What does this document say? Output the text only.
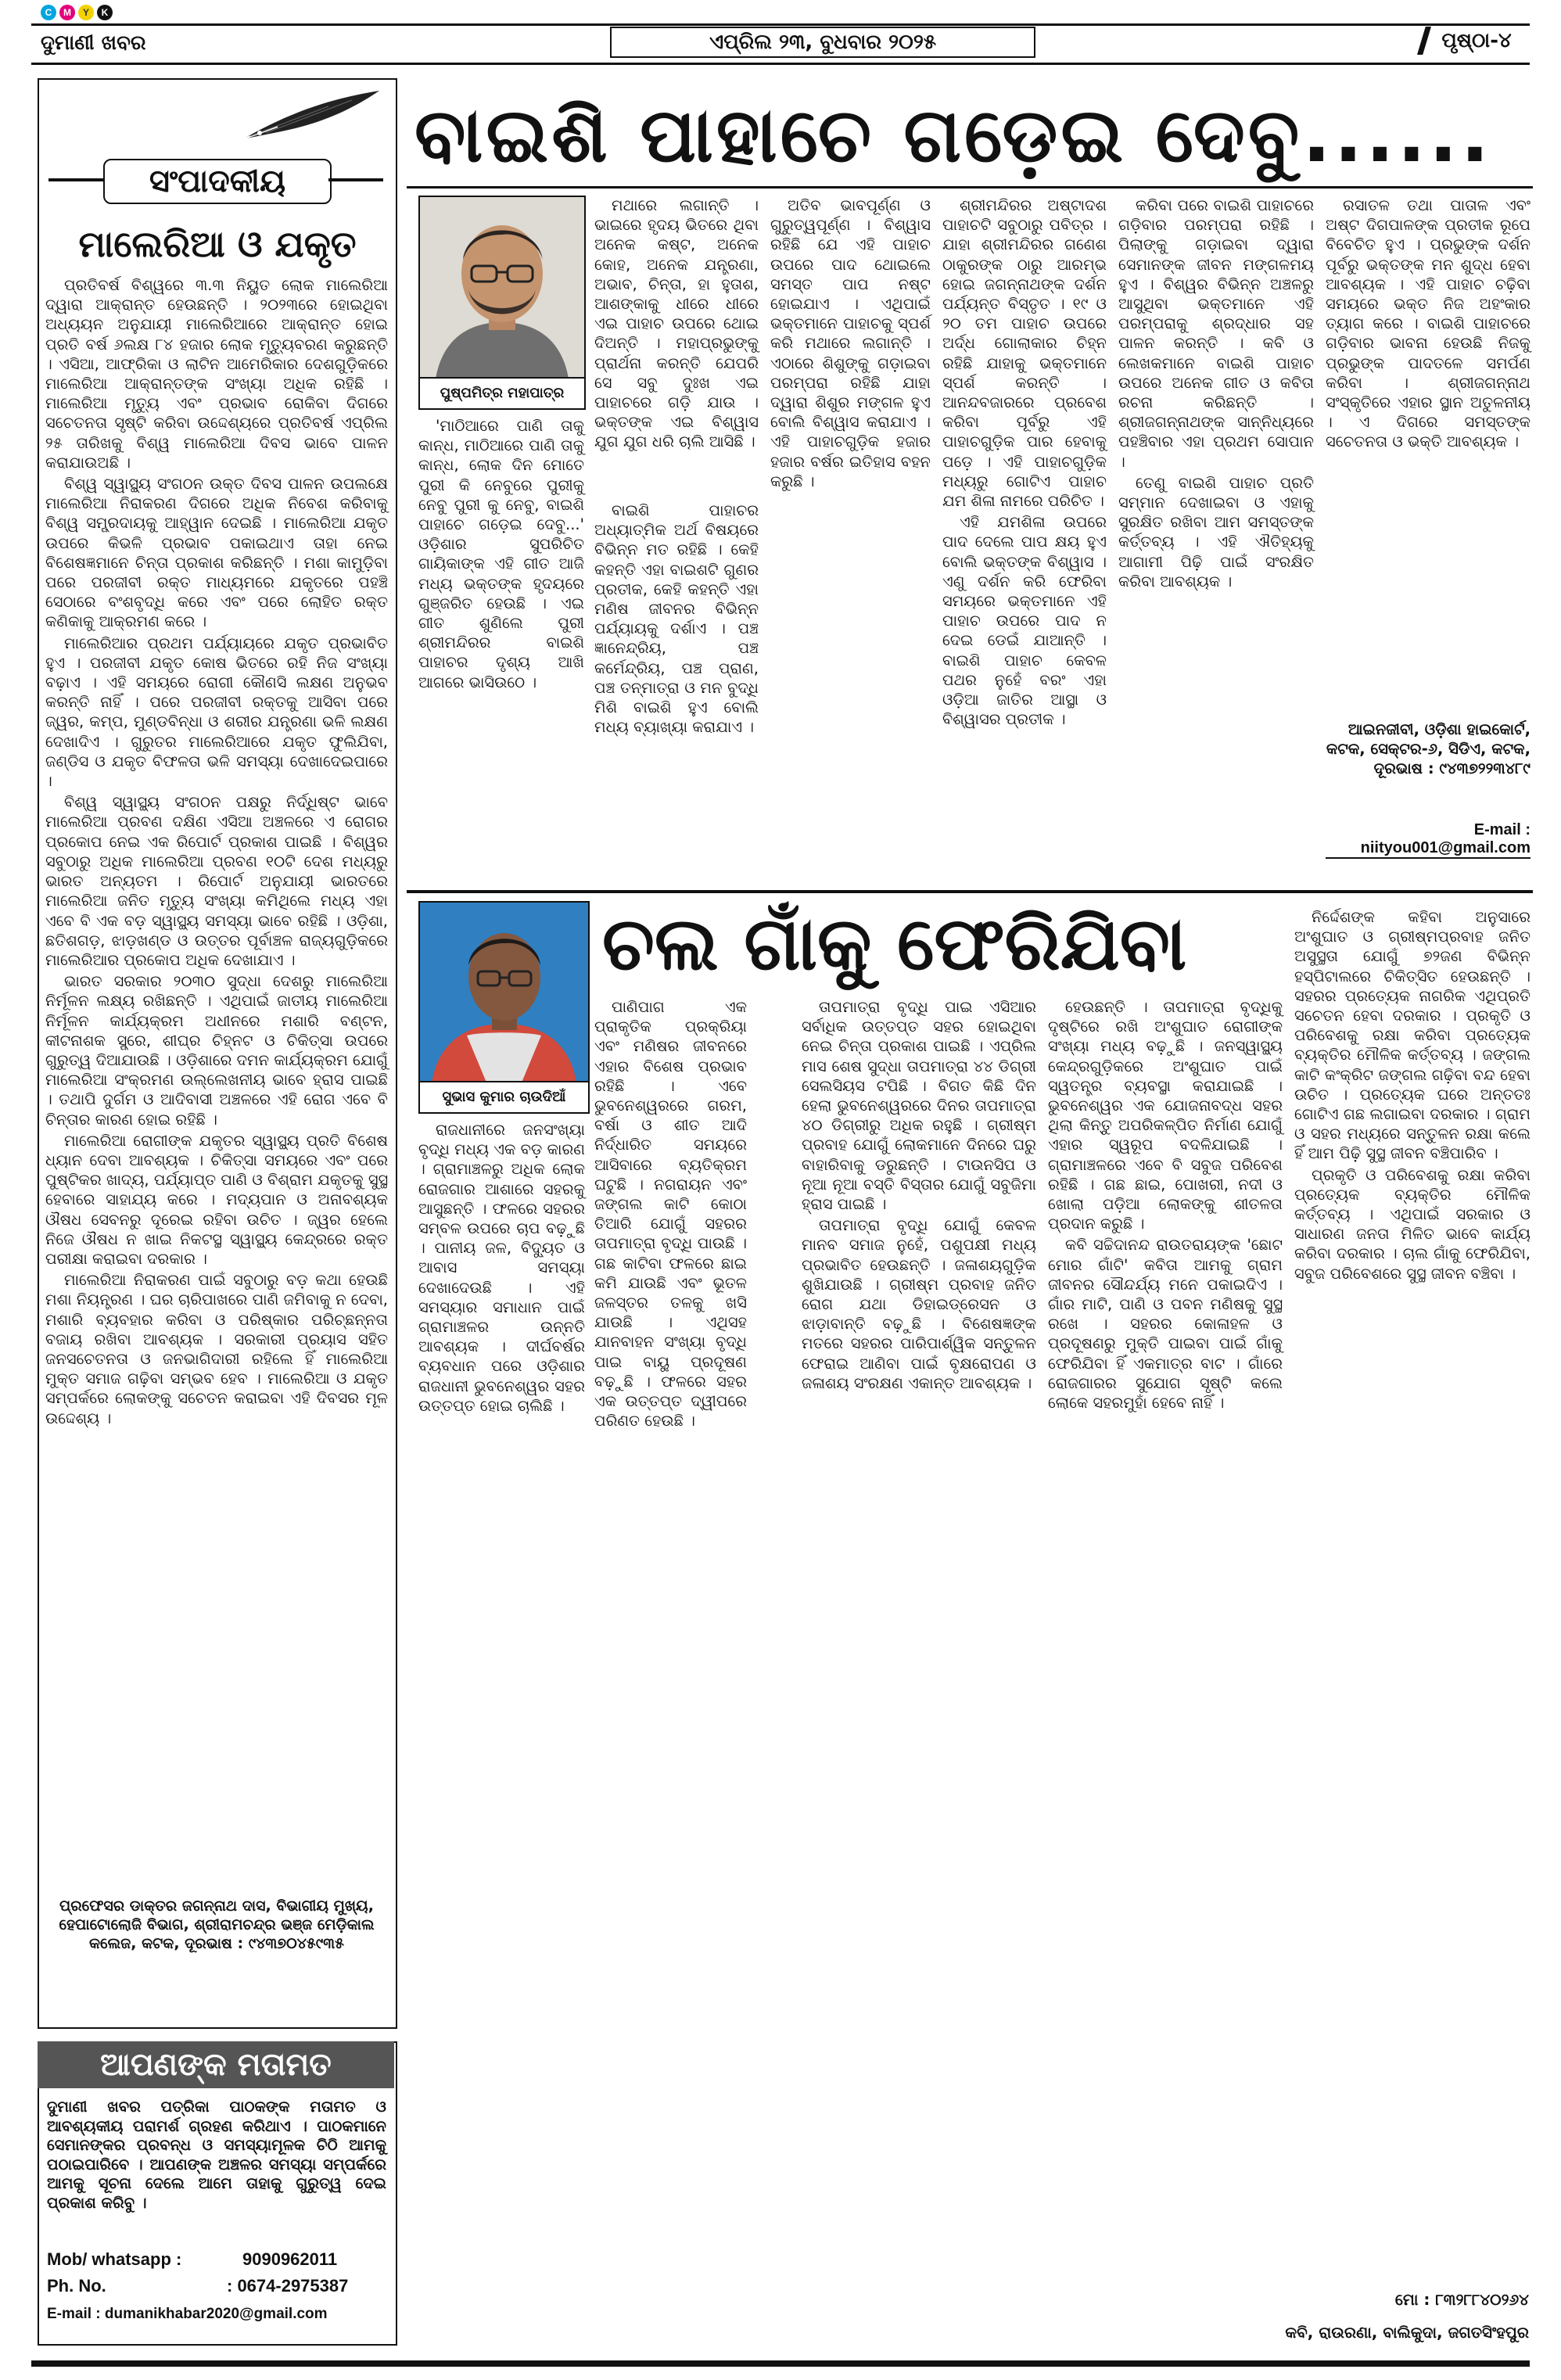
C	M	Y	K
ଦୁମାଣୀ ଖବର	ଏପ୍ରିଲ ୨୩, ବୁଧବାର ୨୦୨୫	ପୃଷ୍ଠା-୪
ସଂପାଦକୀୟ
ମାଲେରିଆ ଓ ଯକୃତ

ପ୍ରତିବର୍ଷ ବିଶ୍ୱରେ ୩.୩ ନିୟୁତ ଲୋକ ମାଲେରିଆ ଦ୍ୱାରା ଆକ୍ରାନ୍ତ ହେଉଛନ୍ତି । ୨୦୨୩ରେ ହୋଇଥିବା ଅଧ୍ୟୟନ ଅନୁଯାୟୀ ମାଲେରିଆରେ ଆକ୍ରାନ୍ତ ହୋଇ ପ୍ରତି ବର୍ଷ ୬ଲକ୍ଷ ୮୪ ହଜାର ଲୋକ ମୃତ୍ୟୁବରଣ କରୁଛନ୍ତି । ଏସିଆ, ଆଫ୍ରିକା ଓ ଲାଟିନ ଆମେରିକାର ଦେଶଗୁଡ଼ିକରେ ମାଲେରିଆ ଆକ୍ରାନ୍ତଙ୍କ ସଂଖ୍ୟା ଅଧିକ ରହିଛି । ମାଲେରିଆ ମୃତ୍ୟୁ ଏବଂ ପ୍ରଭାବ ରୋକିବା ଦିଗରେ ସଚେତନତା ସୃଷ୍ଟି କରିବା ଉଦ୍ଦେଶ୍ୟରେ ପ୍ରତିବର୍ଷ ଏପ୍ରିଲ ୨୫ ତାରିଖକୁ ବିଶ୍ୱ ମାଲେରିଆ ଦିବସ ଭାବେ ପାଳନ କରାଯାଉଅଛି ।

ବିଶ୍ୱ ସ୍ୱାସ୍ଥ୍ୟ ସଂଗଠନ ଉକ୍ତ ଦିବସ ପାଳନ ଉପଲକ୍ଷେ ମାଲେରିଆ ନିରାକରଣ ଦିଗରେ ଅଧିକ ନିବେଶ କରିବାକୁ ବିଶ୍ୱ ସମ୍ପ୍ରଦାୟକୁ ଆହ୍ୱାନ ଦେଇଛି । ମାଲେରିଆ ଯକୃତ ଉପରେ କିଭଳି ପ୍ରଭାବ ପକାଇଥାଏ ତାହା ନେଇ ବିଶେଷଜ୍ଞମାନେ ଚିନ୍ତା ପ୍ରକାଶ କରିଛନ୍ତି । ମଶା କାମୁଡ଼ିବା ପରେ ପରଜୀବୀ ରକ୍ତ ମାଧ୍ୟମରେ ଯକୃତରେ ପହଞ୍ଚି ସେଠାରେ ବଂଶବୃଦ୍ଧି କରେ ଏବଂ ପରେ ଲୋହିତ ରକ୍ତ କଣିକାକୁ ଆକ୍ରମଣ କରେ ।

ମାଲେରିଆର ପ୍ରଥମ ପର୍ଯ୍ୟାୟରେ ଯକୃତ ପ୍ରଭାବିତ ହୁଏ । ପରଜୀବୀ ଯକୃତ କୋଷ ଭିତରେ ରହି ନିଜ ସଂଖ୍ୟା ବଢ଼ାଏ । ଏହି ସମୟରେ ରୋଗୀ କୌଣସି ଲକ୍ଷଣ ଅନୁଭବ କରନ୍ତି ନାହିଁ । ପରେ ପରଜୀବୀ ରକ୍ତକୁ ଆସିବା ପରେ ଜ୍ୱର, କମ୍ପ, ମୁଣ୍ଡବିନ୍ଧା ଓ ଶରୀର ଯନ୍ତ୍ରଣା ଭଳି ଲକ୍ଷଣ ଦେଖାଦିଏ । ଗୁରୁତର ମାଲେରିଆରେ ଯକୃତ ଫୁଲିଯିବା, ଜଣ୍ଡିସ ଓ ଯକୃତ ବିଫଳତା ଭଳି ସମସ୍ୟା ଦେଖାଦେଇପାରେ ।

ବିଶ୍ୱ ସ୍ୱାସ୍ଥ୍ୟ ସଂଗଠନ ପକ୍ଷରୁ ନିର୍ଦ୍ଧିଷ୍ଟ ଭାବେ ମାଲେରିଆ ପ୍ରବଣ ଦକ୍ଷିଣ ଏସିଆ ଅଞ୍ଚଳରେ ଏ ରୋଗର ପ୍ରକୋପ ନେଇ ଏକ ରିପୋର୍ଟ ପ୍ରକାଶ ପାଇଛି । ବିଶ୍ୱର ସବୁଠାରୁ ଅଧିକ ମାଲେରିଆ ପ୍ରବଣ ୧୦ଟି ଦେଶ ମଧ୍ୟରୁ ଭାରତ ଅନ୍ୟତମ । ରିପୋର୍ଟ ଅନୁଯାୟୀ ଭାରତରେ ମାଲେରିଆ ଜନିତ ମୃତ୍ୟୁ ସଂଖ୍ୟା କମିଥିଲେ ମଧ୍ୟ ଏହା ଏବେ ବି ଏକ ବଡ଼ ସ୍ୱାସ୍ଥ୍ୟ ସମସ୍ୟା ଭାବେ ରହିଛି । ଓଡ଼ିଶା, ଛତିଶଗଡ଼, ଝାଡ଼ଖଣ୍ଡ ଓ ଉତ୍ତର ପୂର୍ବାଞ୍ଚଳ ରାଜ୍ୟଗୁଡ଼ିକରେ ମାଲେରିଆର ପ୍ରକୋପ ଅଧିକ ଦେଖାଯାଏ ।

ଭାରତ ସରକାର ୨୦୩୦ ସୁଦ୍ଧା ଦେଶରୁ ମାଲେରିଆ ନିର୍ମୂଳନ ଲକ୍ଷ୍ୟ ରଖିଛନ୍ତି । ଏଥିପାଇଁ ଜାତୀୟ ମାଲେରିଆ ନିର୍ମୂଳନ କାର୍ଯ୍ୟକ୍ରମ ଅଧୀନରେ ମଶାରି ବଣ୍ଟନ, କୀଟନାଶକ ସ୍ପ୍ରେ, ଶୀଘ୍ର ଚିହ୍ନଟ ଓ ଚିକିତ୍ସା ଉପରେ ଗୁରୁତ୍ୱ ଦିଆଯାଉଛି । ଓଡ଼ିଶାରେ ଦମନ କାର୍ଯ୍ୟକ୍ରମ ଯୋଗୁଁ ମାଲେରିଆ ସଂକ୍ରମଣ ଉଲ୍ଲେଖନୀୟ ଭାବେ ହ୍ରାସ ପାଇଛି । ତଥାପି ଦୁର୍ଗମ ଓ ଆଦିବାସୀ ଅଞ୍ଚଳରେ ଏହି ରୋଗ ଏବେ ବି ଚିନ୍ତାର କାରଣ ହୋଇ ରହିଛି ।

ମାଲେରିଆ ରୋଗୀଙ୍କ ଯକୃତର ସ୍ୱାସ୍ଥ୍ୟ ପ୍ରତି ବିଶେଷ ଧ୍ୟାନ ଦେବା ଆବଶ୍ୟକ । ଚିକିତ୍ସା ସମୟରେ ଏବଂ ପରେ ପୁଷ୍ଟିକର ଖାଦ୍ୟ, ପର୍ଯ୍ୟାପ୍ତ ପାଣି ଓ ବିଶ୍ରାମ ଯକୃତକୁ ସୁସ୍ଥ ହେବାରେ ସାହାଯ୍ୟ କରେ । ମଦ୍ୟପାନ ଓ ଅନାବଶ୍ୟକ ଔଷଧ ସେବନରୁ ଦୂରେଇ ରହିବା ଉଚିତ । ଜ୍ୱର ହେଲେ ନିଜେ ଔଷଧ ନ ଖାଇ ନିକଟସ୍ଥ ସ୍ୱାସ୍ଥ୍ୟ କେନ୍ଦ୍ରରେ ରକ୍ତ ପରୀକ୍ଷା କରାଇବା ଦରକାର ।

ମାଲେରିଆ ନିରାକରଣ ପାଇଁ ସବୁଠାରୁ ବଡ଼ କଥା ହେଉଛି ମଶା ନିୟନ୍ତ୍ରଣ । ଘର ଚାରିପାଖରେ ପାଣି ଜମିବାକୁ ନ ଦେବା, ମଶାରି ବ୍ୟବହାର କରିବା ଓ ପରିଷ୍କାର ପରିଚ୍ଛନ୍ନତା ବଜାୟ ରଖିବା ଆବଶ୍ୟକ । ସରକାରୀ ପ୍ରୟାସ ସହିତ ଜନସଚେତନତା ଓ ଜନଭାଗିଦାରୀ ରହିଲେ ହିଁ ମାଲେରିଆ ମୁକ୍ତ ସମାଜ ଗଢ଼ିବା ସମ୍ଭବ ହେବ । ମାଲେରିଆ ଓ ଯକୃତ ସମ୍ପର୍କରେ ଲୋକଙ୍କୁ ସଚେତନ କରାଇବା ଏହି ଦିବସର ମୂଳ ଉଦ୍ଦେଶ୍ୟ ।

ପ୍ରଫେସର ଡାକ୍ତର ଜଗନ୍ନାଥ ଦାସ, ବିଭାଗୀୟ ମୁଖ୍ୟ, ହେପାଟୋଲୋଜି ବିଭାଗ, ଶ୍ରୀରାମଚନ୍ଦ୍ର ଭଞ୍ଜ ମେଡ଼ିକାଲ କଲେଜ, କଟକ, ଦୂରଭାଷ : ୯୪୩୭୦୪୫୯୩୫
ଆପଣଙ୍କ ମତାମତ
ଦୁମାଣୀ ଖବର ପତ୍ରିକା ପାଠକଙ୍କ ମତାମତ ଓ ଆବଶ୍ୟକୀୟ ପରାମର୍ଶ ଗ୍ରହଣ କରିଥାଏ । ପାଠକମାନେ ସେମାନଙ୍କର ପ୍ରବନ୍ଧ ଓ ସମସ୍ୟାମୂଳକ ଚିଠି ଆମକୁ ପଠାଇପାରିବେ । ଆପଣଙ୍କ ଅଞ୍ଚଳର ସମସ୍ୟା ସମ୍ପର୍କରେ ଆମକୁ ସୂଚନା ଦେଲେ ଆମେ ତାହାକୁ ଗୁରୁତ୍ୱ ଦେଇ ପ୍ରକାଶ କରିବୁ ।
Mob/ whatsapp :	9090962011
Ph. No.	: 0674-2975387
E-mail : dumanikhabar2020@gmail.com
ବାଇଶି ପାହାଚେ ଗଡ଼େଇ ଦେବୁ......
ପୁଷ୍ପମିତ୍ର ମହାପାତ୍ର

'ମାଠିଆରେ ପାଣି ତାକୁ କାନ୍ଧ, ମାଠିଆରେ ପାଣି ତାକୁ କାନ୍ଧ, ଲୋକ ଦିନ ମୋତେ ପୁରୀ କି ନେବୁରେ ପୁରୀକୁ ନେବୁ ପୁରୀ କୁ ନେବୁ, ବାଇଶି ପାହାଚେ ଗଡ଼େଇ ଦେବୁ...' ଓଡ଼ିଶାର ସୁପରିଚିତ ଗାୟିକାଙ୍କ ଏହି ଗୀତ ଆଜି ମଧ୍ୟ ଭକ୍ତଙ୍କ ହୃଦୟରେ ଗୁଞ୍ଜରିତ ହେଉଛି । ଏଇ ଗୀତ ଶୁଣିଲେ ପୁରୀ ଶ୍ରୀମନ୍ଦିରର ବାଇଶି ପାହାଚର ଦୃଶ୍ୟ ଆଖି ଆଗରେ ଭାସିଉଠେ ।

ମଥାରେ ଲଗାନ୍ତି । ଭାଇରେ ହୃଦୟ ଭିତରେ ଥିବା ଅନେକ କଷ୍ଟ, ଅନେକ କୋହ, ଅନେକ ଯନ୍ତ୍ରଣା, ଅଭାବ, ଚିନ୍ତା, ହା ହୁତାଶ, ଆଶଙ୍କାକୁ ଧୀରେ ଧୀରେ ଏଇ ପାହାଚ ଉପରେ ଥୋଇ ଦିଅନ୍ତି । ମହାପ୍ରଭୁଙ୍କୁ ପ୍ରାର୍ଥନା କରନ୍ତି ଯେପରି ସେ ସବୁ ଦୁଃଖ ଏଇ ପାହାଚରେ ଗଡ଼ି ଯାଉ । ଭକ୍ତଙ୍କ ଏଇ ବିଶ୍ୱାସ ଯୁଗ ଯୁଗ ଧରି ଚାଲି ଆସିଛି ।

ବାଇଶି ପାହାଚର ଅଧ୍ୟାତ୍ମିକ ଅର୍ଥ ବିଷୟରେ ବିଭିନ୍ନ ମତ ରହିଛି । କେହି କହନ୍ତି ଏହା ବାଇଶଟି ଗୁଣର ପ୍ରତୀକ, କେହି କହନ୍ତି ଏହା ମଣିଷ ଜୀବନର ବିଭିନ୍ନ ପର୍ଯ୍ୟାୟକୁ ଦର୍ଶାଏ । ପଞ୍ଚ ଜ୍ଞାନେନ୍ଦ୍ରିୟ, ପଞ୍ଚ କର୍ମେନ୍ଦ୍ରିୟ, ପଞ୍ଚ ପ୍ରାଣ, ପଞ୍ଚ ତନ୍ମାତ୍ରା ଓ ମନ ବୁଦ୍ଧି ମିଶି ବାଇଶି ହୁଏ ବୋଲି ମଧ୍ୟ ବ୍ୟାଖ୍ୟା କରାଯାଏ ।

ଅତିବ ଭାବପୂର୍ଣ୍ଣ ଓ ଗୁରୁତ୍ୱପୂର୍ଣ୍ଣ । ବିଶ୍ୱାସ ରହିଛି ଯେ ଏହି ପାହାଚ ଉପରେ ପାଦ ଥୋଇଲେ ସମସ୍ତ ପାପ ନଷ୍ଟ ହୋଇଯାଏ । ଏଥିପାଇଁ ଭକ୍ତମାନେ ପାହାଚକୁ ସ୍ପର୍ଶ କରି ମଥାରେ ଲଗାନ୍ତି । ଏଠାରେ ଶିଶୁଙ୍କୁ ଗଡ଼ାଇବା ପରମ୍ପରା ରହିଛି ଯାହା ଦ୍ୱାରା ଶିଶୁର ମଙ୍ଗଳ ହୁଏ ବୋଲି ବିଶ୍ୱାସ କରାଯାଏ । ଏହି ପାହାଚଗୁଡ଼ିକ ହଜାର ହଜାର ବର୍ଷର ଇତିହାସ ବହନ କରୁଛି ।

ଶ୍ରୀମନ୍ଦିରର ଅଷ୍ଟାଦଶ ପାହାଚଟି ସବୁଠାରୁ ପବିତ୍ର । ଯାହା ଶ୍ରୀମନ୍ଦିରର ଗଣେଶ ଠାକୁରଙ୍କ ଠାରୁ ଆରମ୍ଭ ହୋଇ ଜଗନ୍ନାଥଙ୍କ ଦର୍ଶନ ପର୍ଯ୍ୟନ୍ତ ବିସ୍ତୃତ । ୧୯ ଓ ୨୦ ତମ ପାହାଚ ଉପରେ ଅର୍ଦ୍ଧ ଗୋଲାକାର ଚିହ୍ନ ରହିଛି ଯାହାକୁ ଭକ୍ତମାନେ ସ୍ପର୍ଶ କରନ୍ତି । ଆନନ୍ଦବଜାରରେ ପ୍ରବେଶ କରିବା ପୂର୍ବରୁ ଏହି ପାହାଚଗୁଡ଼ିକ ପାର ହେବାକୁ ପଡ଼େ । ଏହି ପାହାଚଗୁଡ଼ିକ ମଧ୍ୟରୁ ଗୋଟିଏ ପାହାଚ ଯମ ଶିଳା ନାମରେ ପରିଚିତ ।

ଏହି ଯମଶିଳା ଉପରେ ପାଦ ଦେଲେ ପାପ କ୍ଷୟ ହୁଏ ବୋଲି ଭକ୍ତଙ୍କ ବିଶ୍ୱାସ । ଏଣୁ ଦର୍ଶନ କରି ଫେରିବା ସମୟରେ ଭକ୍ତମାନେ ଏହି ପାହାଚ ଉପରେ ପାଦ ନ ଦେଇ ଡେଇଁ ଯାଆନ୍ତି । ବାଇଶି ପାହାଚ କେବଳ ପଥର ନୁହେଁ ବରଂ ଏହା ଓଡ଼ିଆ ଜାତିର ଆସ୍ଥା ଓ ବିଶ୍ୱାସର ପ୍ରତୀକ ।

କରିବା ପରେ ବାଇଶି ପାହାଚରେ ଗଡ଼ିବାର ପରମ୍ପରା ରହିଛି । ପିଲାଙ୍କୁ ଗଡ଼ାଇବା ଦ୍ୱାରା ସେମାନଙ୍କ ଜୀବନ ମଙ୍ଗଳମୟ ହୁଏ । ବିଶ୍ୱର ବିଭିନ୍ନ ଅଞ୍ଚଳରୁ ଆସୁଥିବା ଭକ୍ତମାନେ ଏହି ପରମ୍ପରାକୁ ଶ୍ରଦ୍ଧାର ସହ ପାଳନ କରନ୍ତି । କବି ଓ ଲେଖକମାନେ ବାଇଶି ପାହାଚ ଉପରେ ଅନେକ ଗୀତ ଓ କବିତା ରଚନା କରିଛନ୍ତି । ଶ୍ରୀଜଗନ୍ନାଥଙ୍କ ସାନ୍ନିଧ୍ୟରେ ପହଞ୍ଚିବାର ଏହା ପ୍ରଥମ ସୋପାନ ।

ତେଣୁ ବାଇଶି ପାହାଚ ପ୍ରତି ସମ୍ମାନ ଦେଖାଇବା ଓ ଏହାକୁ ସୁରକ୍ଷିତ ରଖିବା ଆମ ସମସ୍ତଙ୍କ କର୍ତ୍ତବ୍ୟ । ଏହି ଐତିହ୍ୟକୁ ଆଗାମୀ ପିଢ଼ି ପାଇଁ ସଂରକ୍ଷିତ କରିବା ଆବଶ୍ୟକ ।

ରସାତଳ ତଥା ପାତାଳ ଏବଂ ଅଷ୍ଟ ଦିଗପାଳଙ୍କ ପ୍ରତୀକ ରୂପେ ବିବେଚିତ ହୁଏ । ପ୍ରଭୁଙ୍କ ଦର୍ଶନ ପୂର୍ବରୁ ଭକ୍ତଙ୍କ ମନ ଶୁଦ୍ଧ ହେବା ଆବଶ୍ୟକ । ଏହି ପାହାଚ ଚଢ଼ିବା ସମୟରେ ଭକ୍ତ ନିଜ ଅହଂକାର ତ୍ୟାଗ କରେ । ବାଇଶି ପାହାଚରେ ଗଡ଼ିବାର ଭାବନା ହେଉଛି ନିଜକୁ ପ୍ରଭୁଙ୍କ ପାଦତଳେ ସମର୍ପଣ କରିବା । ଶ୍ରୀଜଗନ୍ନାଥ ସଂସ୍କୃତିରେ ଏହାର ସ୍ଥାନ ଅତୁଳନୀୟ । ଏ ଦିଗରେ ସମସ୍ତଙ୍କ ସଚେତନତା ଓ ଭକ୍ତି ଆବଶ୍ୟକ ।

ଆଇନଜୀବୀ, ଓଡ଼ିଶା ହାଇକୋର୍ଟ, କଟକ, ସେକ୍ଟର-୬, ସିଡିଏ, କଟକ, ଦୂରଭାଷ : ୯୪୩୭୨୨୩୪୮୯
E-mail :
niityou001@gmail.com
ଚଲ ଗାଁକୁ ଫେରିଯିବା
ସୁଭାସ କୁମାର ଚାଉଦିଆଁ

ପାଣିପାଗ ଏକ ପ୍ରାକୃତିକ ପ୍ରକ୍ରିୟା ଏବଂ ମଣିଷର ଜୀବନରେ ଏହାର ବିଶେଷ ପ୍ରଭାବ ରହିଛି । ଏବେ ଭୁବନେଶ୍ୱରରେ ଗରମ, ବର୍ଷା ଓ ଶୀତ ଆଦି ନିର୍ଦ୍ଧାରିତ ସମୟରେ ଆସିବାରେ ବ୍ୟତିକ୍ରମ ଘଟୁଛି । ନଗରାୟନ ଏବଂ ଜଙ୍ଗଲ କାଟି କୋଠା ତିଆରି ଯୋଗୁଁ ସହରର ତାପମାତ୍ରା ବୃଦ୍ଧି ପାଉଛି । ଗଛ କାଟିବା ଫଳରେ ଛାଇ କମି ଯାଉଛି ଏବଂ ଭୂତଳ ଜଳସ୍ତର ତଳକୁ ଖସି ଯାଉଛି । ଏଥିସହ ଯାନବାହନ ସଂଖ୍ୟା ବୃଦ୍ଧି ପାଇ ବାୟୁ ପ୍ରଦୂଷଣ ବଢ଼ୁଛି । ଫଳରେ ସହର ଏକ ଉତ୍ତପ୍ତ ଦ୍ୱୀପରେ ପରିଣତ ହେଉଛି ।

ରାଜଧାନୀରେ ଜନସଂଖ୍ୟା ବୃଦ୍ଧି ମଧ୍ୟ ଏକ ବଡ଼ କାରଣ । ଗ୍ରାମାଞ୍ଚଳରୁ ଅଧିକ ଲୋକ ରୋଜଗାର ଆଶାରେ ସହରକୁ ଆସୁଛନ୍ତି । ଫଳରେ ସହରର ସମ୍ବଳ ଉପରେ ଚାପ ବଢ଼ୁଛି । ପାନୀୟ ଜଳ, ବିଦ୍ୟୁତ ଓ ଆବାସ ସମସ୍ୟା ଦେଖାଦେଉଛି । ଏହି ସମସ୍ୟାର ସମାଧାନ ପାଇଁ ଗ୍ରାମାଞ୍ଚଳର ଉନ୍ନତି ଆବଶ୍ୟକ । ଦୀର୍ଘବର୍ଷର ବ୍ୟବଧାନ ପରେ ଓଡ଼ିଶାର ରାଜଧାନୀ ଭୁବନେଶ୍ୱର ସହର ଉତ୍ତପ୍ତ ହୋଇ ଚାଲିଛି ।

ତାପମାତ୍ରା ବୃଦ୍ଧି ପାଇ ଏସିଆର ସର୍ବାଧିକ ଉତ୍ତପ୍ତ ସହର ହୋଇଥିବା ନେଇ ଚିନ୍ତା ପ୍ରକାଶ ପାଇଛି । ଏପ୍ରିଲ ମାସ ଶେଷ ସୁଦ୍ଧା ତାପମାତ୍ରା ୪୪ ଡିଗ୍ରୀ ସେଲସିୟସ ଟପିଛି । ବିଗତ କିଛି ଦିନ ହେଲା ଭୁବନେଶ୍ୱରରେ ଦିନର ତାପମାତ୍ରା ୪୦ ଡିଗ୍ରୀରୁ ଅଧିକ ରହୁଛି । ଗ୍ରୀଷ୍ମ ପ୍ରବାହ ଯୋଗୁଁ ଲୋକମାନେ ଦିନରେ ଘରୁ ବାହାରିବାକୁ ଡରୁଛନ୍ତି । ଟାଉନସିପ ଓ ନୂଆ ନୂଆ ବସ୍ତି ବିସ୍ତାର ଯୋଗୁଁ ସବୁଜିମା ହ୍ରାସ ପାଇଛି ।

ତାପମାତ୍ରା ବୃଦ୍ଧି ଯୋଗୁଁ କେବଳ ମାନବ ସମାଜ ନୁହେଁ, ପଶୁପକ୍ଷୀ ମଧ୍ୟ ପ୍ରଭାବିତ ହେଉଛନ୍ତି । ଜଳାଶୟଗୁଡ଼ିକ ଶୁଖିଯାଉଛି । ଗ୍ରୀଷ୍ମ ପ୍ରବାହ ଜନିତ ରୋଗ ଯଥା ଡିହାଇଡ୍ରେସନ ଓ ଝାଡ଼ାବାନ୍ତି ବଢ଼ୁଛି । ବିଶେଷଜ୍ଞଙ୍କ ମତରେ ସହରର ପାରିପାର୍ଶ୍ୱିକ ସନ୍ତୁଳନ ଫେରାଇ ଆଣିବା ପାଇଁ ବୃକ୍ଷରୋପଣ ଓ ଜଳାଶୟ ସଂରକ୍ଷଣ ଏକାନ୍ତ ଆବଶ୍ୟକ ।

ହେଉଛନ୍ତି । ତାପମାତ୍ରା ବୃଦ୍ଧିକୁ ଦୃଷ୍ଟିରେ ରଖି ଅଂଶୁଘାତ ରୋଗୀଙ୍କ ସଂଖ୍ୟା ମଧ୍ୟ ବଢ଼ୁଛି । ଜନସ୍ୱାସ୍ଥ୍ୟ କେନ୍ଦ୍ରଗୁଡ଼ିକରେ ଅଂଶୁଘାତ ପାଇଁ ସ୍ୱତନ୍ତ୍ର ବ୍ୟବସ୍ଥା କରାଯାଇଛି । ଭୁବନେଶ୍ୱର ଏକ ଯୋଜନାବଦ୍ଧ ସହର ଥିଲା କିନ୍ତୁ ଅପରିକଳ୍ପିତ ନିର୍ମାଣ ଯୋଗୁଁ ଏହାର ସ୍ୱରୂପ ବଦଳିଯାଇଛି । ଗ୍ରାମାଞ୍ଚଳରେ ଏବେ ବି ସବୁଜ ପରିବେଶ ରହିଛି । ଗଛ ଛାଇ, ପୋଖରୀ, ନଦୀ ଓ ଖୋଲା ପଡ଼ିଆ ଲୋକଙ୍କୁ ଶୀତଳତା ପ୍ରଦାନ କରୁଛି ।

କବି ସଚ୍ଚିଦାନନ୍ଦ ରାଉତରାୟଙ୍କ 'ଛୋଟ ମୋର ଗାଁଟି' କବିତା ଆମକୁ ଗ୍ରାମ ଜୀବନର ସୌନ୍ଦର୍ଯ୍ୟ ମନେ ପକାଇଦିଏ । ଗାଁର ମାଟି, ପାଣି ଓ ପବନ ମଣିଷକୁ ସୁସ୍ଥ ରଖେ । ସହରର କୋଳାହଳ ଓ ପ୍ରଦୂଷଣରୁ ମୁକ୍ତି ପାଇବା ପାଇଁ ଗାଁକୁ ଫେରିଯିବା ହିଁ ଏକମାତ୍ର ବାଟ । ଗାଁରେ ରୋଜଗାରର ସୁଯୋଗ ସୃଷ୍ଟି କଲେ ଲୋକେ ସହରମୁହାଁ ହେବେ ନାହିଁ ।

ନିର୍ଦ୍ଦେଶଙ୍କ କହିବା ଅନୁସାରେ ଅଂଶୁଘାତ ଓ ଗ୍ରୀଷ୍ମପ୍ରବାହ ଜନିତ ଅସୁସ୍ଥତା ଯୋଗୁଁ ୭୨ଜଣ ବିଭିନ୍ନ ହସ୍ପିଟାଲରେ ଚିକିତ୍ସିତ ହେଉଛନ୍ତି । ସହରର ପ୍ରତ୍ୟେକ ନାଗରିକ ଏଥିପ୍ରତି ସଚେତନ ହେବା ଦରକାର । ପ୍ରକୃତି ଓ ପରିବେଶକୁ ରକ୍ଷା କରିବା ପ୍ରତ୍ୟେକ ବ୍ୟକ୍ତିର ମୌଳିକ କର୍ତ୍ତବ୍ୟ । ଜଙ୍ଗଲ କାଟି କଂକ୍ରିଟ ଜଙ୍ଗଲ ଗଢ଼ିବା ବନ୍ଦ ହେବା ଉଚିତ । ପ୍ରତ୍ୟେକ ଘରେ ଅନ୍ତତଃ ଗୋଟିଏ ଗଛ ଲଗାଇବା ଦରକାର । ଗ୍ରାମ ଓ ସହର ମଧ୍ୟରେ ସନ୍ତୁଳନ ରକ୍ଷା କଲେ ହିଁ ଆମ ପିଢ଼ି ସୁସ୍ଥ ଜୀବନ ବଞ୍ଚିପାରିବ ।

ପ୍ରକୃତି ଓ ପରିବେଶକୁ ରକ୍ଷା କରିବା ପ୍ରତ୍ୟେକ ବ୍ୟକ୍ତିର ମୌଳିକ କର୍ତ୍ତବ୍ୟ । ଏଥିପାଇଁ ସରକାର ଓ ସାଧାରଣ ଜନତା ମିଳିତ ଭାବେ କାର୍ଯ୍ୟ କରିବା ଦରକାର । ଚାଲ ଗାଁକୁ ଫେରିଯିବା, ସବୁଜ ପରିବେଶରେ ସୁସ୍ଥ ଜୀବନ ବଞ୍ଚିବା ।

ମୋ : ୮୩୨୮୮୪୦୨୬୪
କବି, ରାଉରଣା, ବାଲିକୁଦା, ଜଗତସିଂହପୁର
